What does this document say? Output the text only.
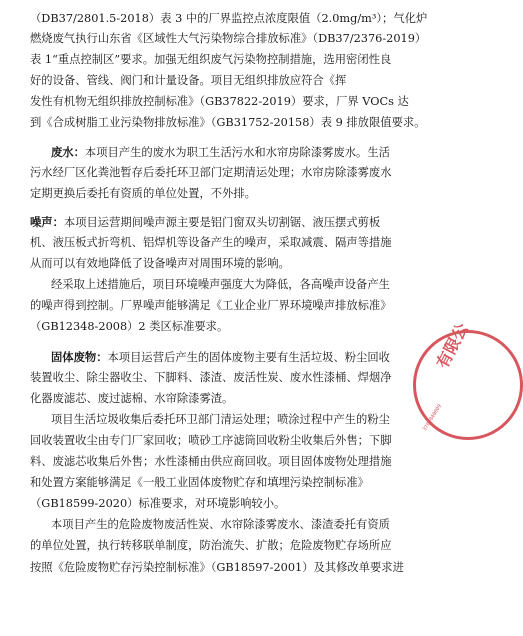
（DB37/2801.5-2018）表 3 中的厂界监控点浓度限值（2.0mg/m³）；气化炉
燃烧废气执行山东省《区域性大气污染物综合排放标准》（DB37/2376-2019）
表 1“重点控制区”要求。加强无组织废气污染物控制措施，选用密闭性良
好的设备、管线、阀门和计量设备。项目无组织排放应符合《挥
发性有机物无组织排放控制标准》（GB37822-2019）要求，厂界 VOCs 达
到《合成树脂工业污染物排放标准》（GB31752-20158）表 9 排放限值要求。
废水：本项目产生的废水为职工生活污水和水帘房除漆雾废水。生活
污水经厂区化粪池暂存后委托环卫部门定期清运处理；水帘房除漆雾废水
定期更换后委托有资质的单位处置，不外排。
噪声：本项目运营期间噪声源主要是铝门窗双头切割锯、液压摆式剪板
机、液压板式折弯机、铝焊机等设备产生的噪声，采取减震、隔声等措施
从而可以有效地降低了设备噪声对周围环境的影响。
经采取上述措施后，项目环境噪声强度大为降低，各高噪声设备产生
的噪声得到控制。厂界噪声能够满足《工业企业厂界环境噪声排放标准》
（GB12348-2008）2 类区标准要求。
固体废物：本项目运营后产生的固体废物主要有生活垃圾、粉尘回收
装置收尘、除尘器收尘、下脚料、漆渣、废活性炭、废水性漆桶、焊烟净
化器废滤芯、废过滤棉、水帘除漆雾渣。
项目生活垃圾收集后委托环卫部门清运处理；喷涂过程中产生的粉尘
回收装置收尘由专门厂家回收；喷砂工序滤筒回收粉尘收集后外售；下脚
料、废滤芯收集后外售；水性漆桶由供应商回收。项目固体废物处理措施
和处置方案能够满足《一般工业固体废物贮存和填埋污染控制标准》
（GB18599-2020）标准要求，对环境影响较小。
本项目产生的危险废物废活性炭、水帘除漆雾废水、漆渣委托有资质
的单位处置，执行转移联单制度，防治流失、扩散；危险废物贮存场所应
按照《危险废物贮存污染控制标准》（GB18597-2001）及其修改单要求进
有限公
3703040009
